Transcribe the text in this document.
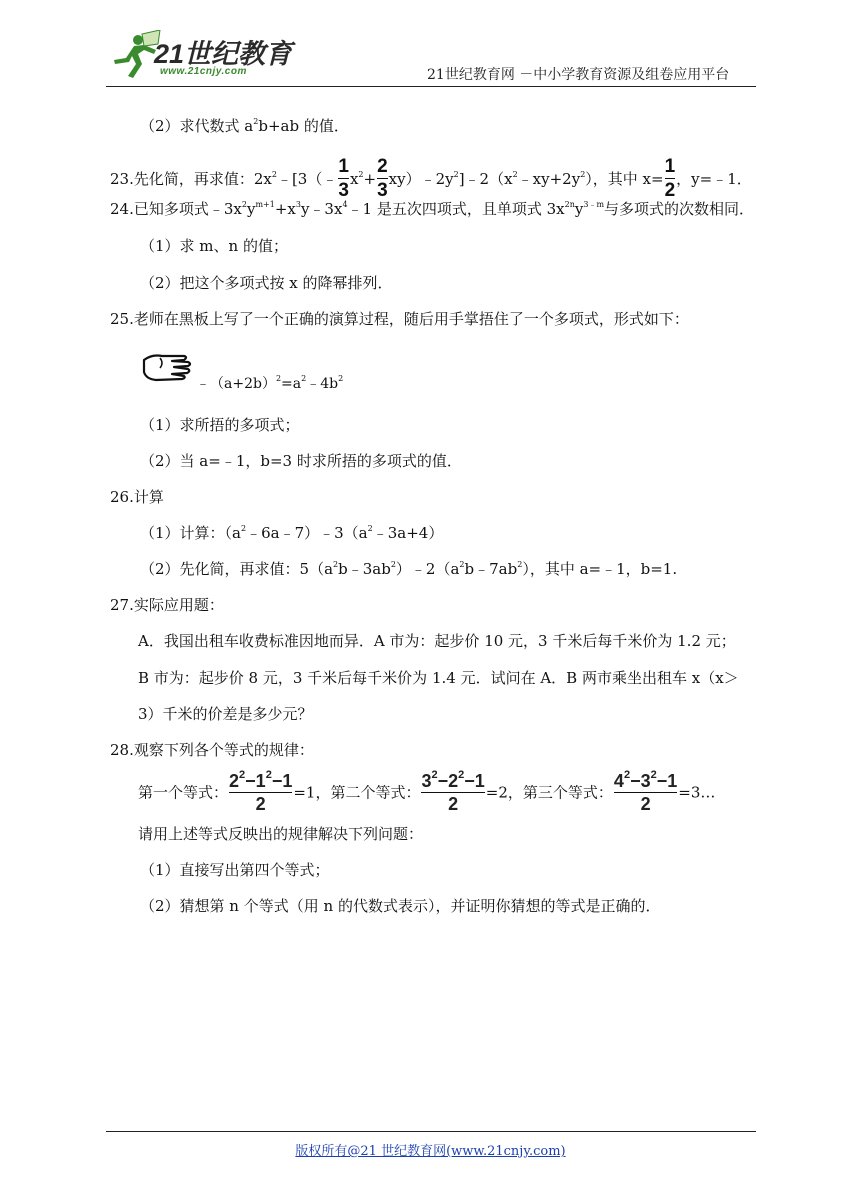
21世纪教育
www.21cnjy.com	21世纪教育网 －中小学教育资源及组卷应用平台
（2）求代数式 $a^2b+ab$ 的值．
23.先化简，再求值：$2x^2﹣[3(﹣ \frac{1}{3} x^2+ \frac{2}{3}$ $xy)﹣2y^2]﹣2(x^2﹣xy+2y^2)$，其中 $x= \frac{1}{2}$ ，y=﹣1．
24.已知多项式$﹣3x^2y^{m+1}+x^3y﹣3x^4﹣1$ 是五次四项式，且单项式 $3x^{2n}y^{3﹣m}$与多项式的次数相同．
（1）求 m、n 的值；
（2）把这个多项式按 x 的降幂排列．
25.老师在黑板上写了一个正确的演算过程，随后用手掌捂住了一个多项式，形式如下：
$﹣(a+2b)^2=a^2﹣4b^2$
（1）求所捂的多项式；
（2）当 a=﹣1，b=3 时求所捂的多项式的值．
26.计算
（1）计算：$(a^2﹣6a﹣7)﹣3(a^2﹣3a+4)$
（2）先化简，再求值：$5(a^2b﹣3ab^2)﹣2(a^2b﹣7ab^2)$，其中 a=﹣1，b=1.
27.实际应用题：
A．我国出租车收费标准因地而异．A 市为：起步价 10 元，3 千米后每千米价为 1.2 元；
B 市为：起步价 8 元，3 千米后每千米价为 1.4 元．试问在 A．B 两市乘坐出租车 x（x＞
3）千米的价差是多少元？
28.观察下列各个等式的规律：
第一个等式： $\frac{2^2-1^2-1}{2} =1$，第二个等式： $\frac{3^2-2^2-1}{2} =2$，第三个等式： $\frac{4^2-3^2-1}{2}$ =3…
请用上述等式反映出的规律解决下列问题：
（1）直接写出第四个等式；
（2）猜想第 n 个等式（用 n 的代数式表示），并证明你猜想的等式是正确的．
版权所有@21 世纪教育网(www.21cnjy.com)
